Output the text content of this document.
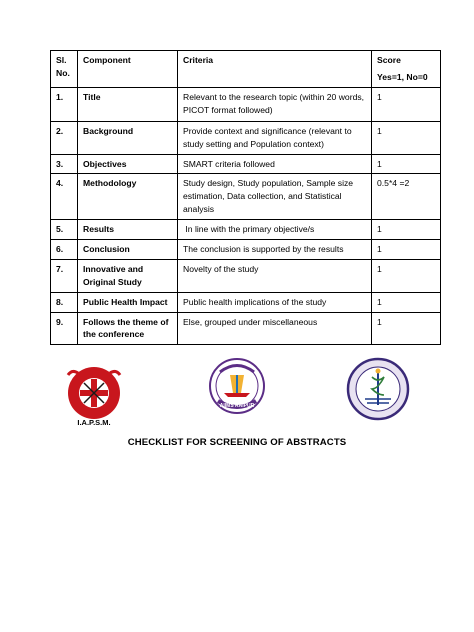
Sl. No.	Component	Criteria	Score
Yes=1, No=0

1.	Title	Relevant to the research topic (within 20 words, PICOT format followed)	1
2.	Background	Provide context and significance (relevant to study setting and Population context)	1
3.	Objectives	SMART criteria followed	1
4.	Methodology	Study design, Study population, Sample size estimation, Data collection, and Statistical analysis	0.5*4 =2
5.	Results	In line with the primary objective/s	1
6.	Conclusion	The conclusion is supported by the results	1
7.	Innovative and Original Study	Novelty of the study	1
8.	Public Health Impact	Public health implications of the study	1
9.	Follows the theme of the conference	Else, grouped under miscellaneous	1
I.A.P.S.M.
AIIMS RAIPUR
CHECKLIST FOR SCREENING OF ABSTRACTS
